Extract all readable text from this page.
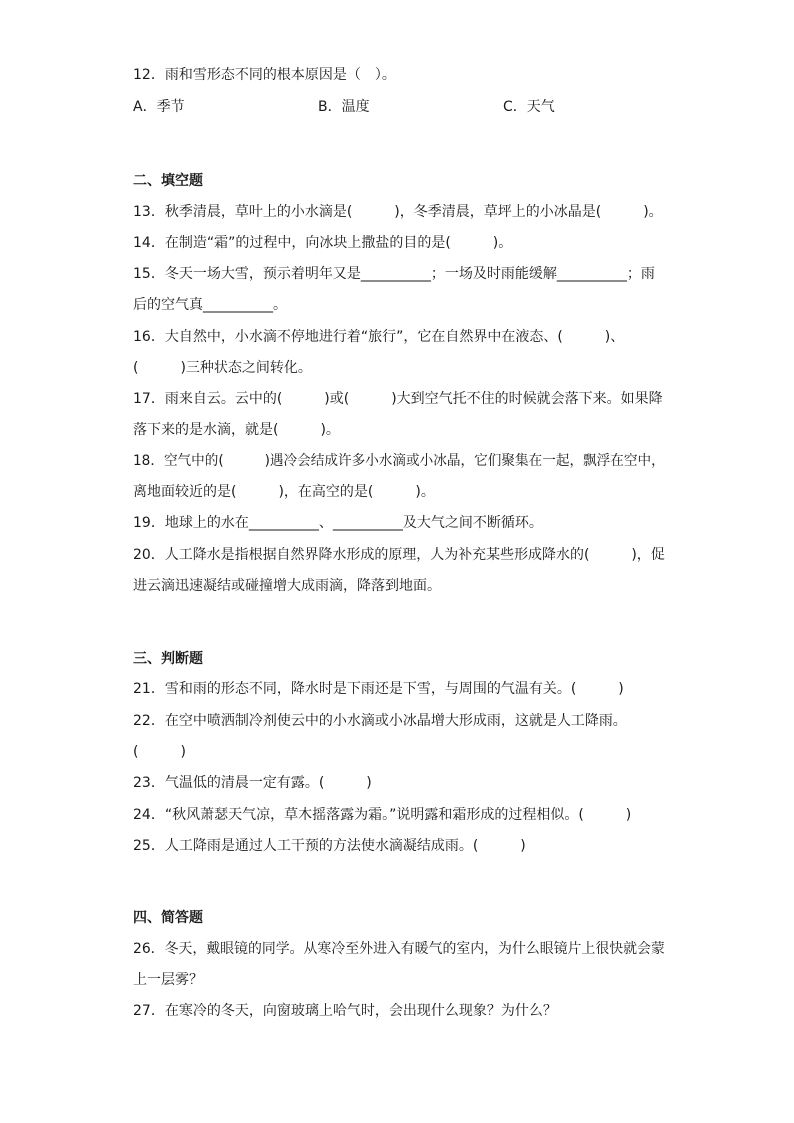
12．雨和雪形态不同的根本原因是（　）。
A．季节	B．温度	C．天气
二、填空题
13．秋季清晨，草叶上的小水滴是(　　　)，冬季清晨，草坪上的小冰晶是(　　　)。
14．在制造“霜”的过程中，向冰块上撒盐的目的是(　　　)。
15．冬天一场大雪，预示着明年又是__________；一场及时雨能缓解__________；雨
后的空气真__________。
16．大自然中，小水滴不停地进行着“旅行”，它在自然界中在液态、(　　　)、
(　　　)三种状态之间转化。
17．雨来自云。云中的(　　　)或(　　　)大到空气托不住的时候就会落下来。如果降
落下来的是水滴，就是(　　　)。
18．空气中的(　　　)遇冷会结成许多小水滴或小冰晶，它们聚集在一起，飘浮在空中，
离地面较近的是(　　　)，在高空的是(　　　)。
19．地球上的水在__________、__________及大气之间不断循环。
20．人工降水是指根据自然界降水形成的原理，人为补充某些形成降水的(　　　)，促
进云滴迅速凝结或碰撞增大成雨滴，降落到地面。
三、判断题
21．雪和雨的形态不同，降水时是下雨还是下雪，与周围的气温有关。(　　　)
22．在空中喷洒制冷剂使云中的小水滴或小冰晶增大形成雨，这就是人工降雨。
(　　　)
23．气温低的清晨一定有露。(　　　)
24．“秋风萧瑟天气凉，草木摇落露为霜。”说明露和霜形成的过程相似。(　　　)
25．人工降雨是通过人工干预的方法使水滴凝结成雨。(　　　)
四、简答题
26．冬天，戴眼镜的同学。从寒冷至外进入有暖气的室内，为什么眼镜片上很快就会蒙
上一层雾？
27．在寒冷的冬天，向窗玻璃上哈气时，会出现什么现象？为什么？
